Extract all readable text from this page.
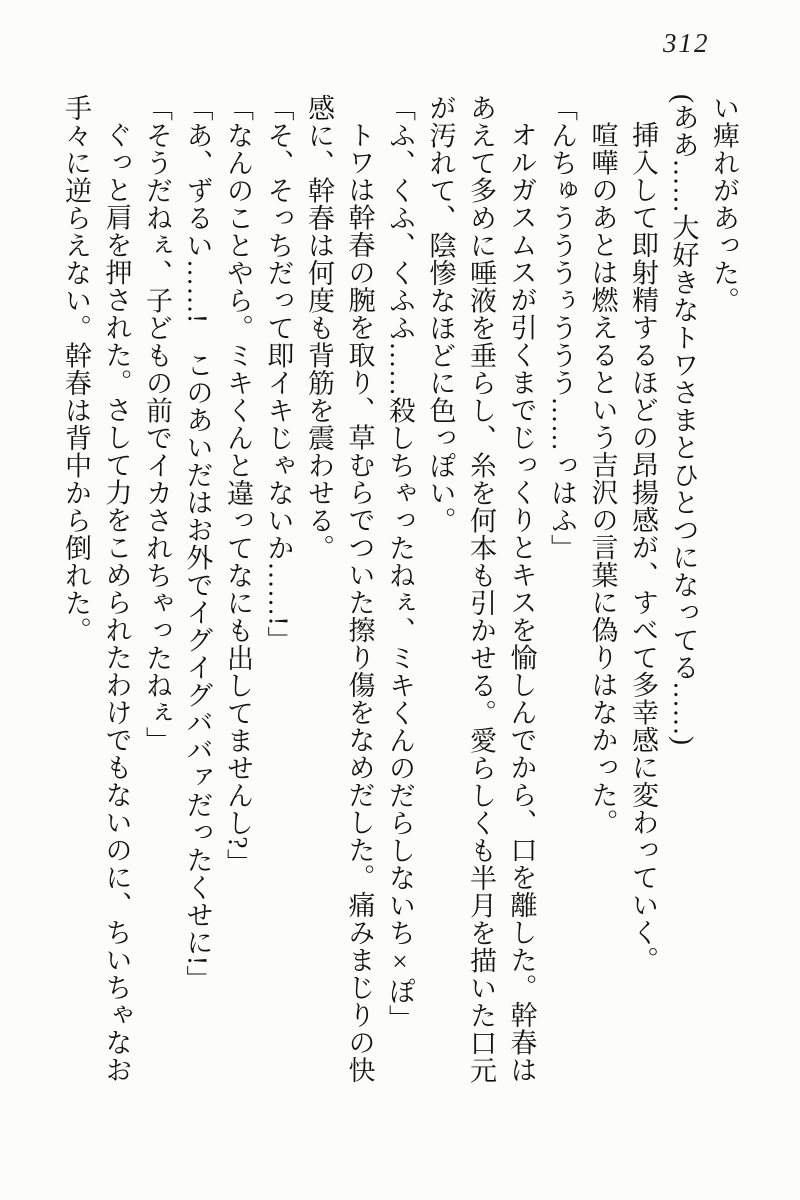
312

い痺れがあった。

(ああ……大好きなトワさまとひとつになってる……)

挿入して即射精するほどの昂揚感が、すべて多幸感に変わっていく。

喧嘩のあとは燃えるという吉沢の言葉に偽りはなかった。

「んちゅうううぅううう……っはふ」

オルガスムスが引くまでじっくりとキスを愉しんでから、口を離した。幹春はあえて多めに唾液を垂らし、糸を何本も引かせる。愛らしくも半月を描いた口元が汚れて、陰惨なほどに色っぽい。

「ふ、くふ、くふふ……殺しちゃったねぇ、ミキくんのだらしないち×ぽ」

トワは幹春の腕を取り、草むらでついた擦り傷をなめだした。痛みまじりの快感に、幹春は何度も背筋を震わせる。

「そ、そっちだって即イキじゃないか……!」

「なんのことやら。ミキくんと違ってなにも出してませんし?」

「あ、ずるい……!　このあいだはお外でイグイグババァだったくせに!」

「そうだねぇ、子どもの前でイカされちゃったねぇ」

ぐっと肩を押された。さして力をこめられたわけでもないのに、ちいちゃなお手々に逆らえない。幹春は背中から倒れた。
